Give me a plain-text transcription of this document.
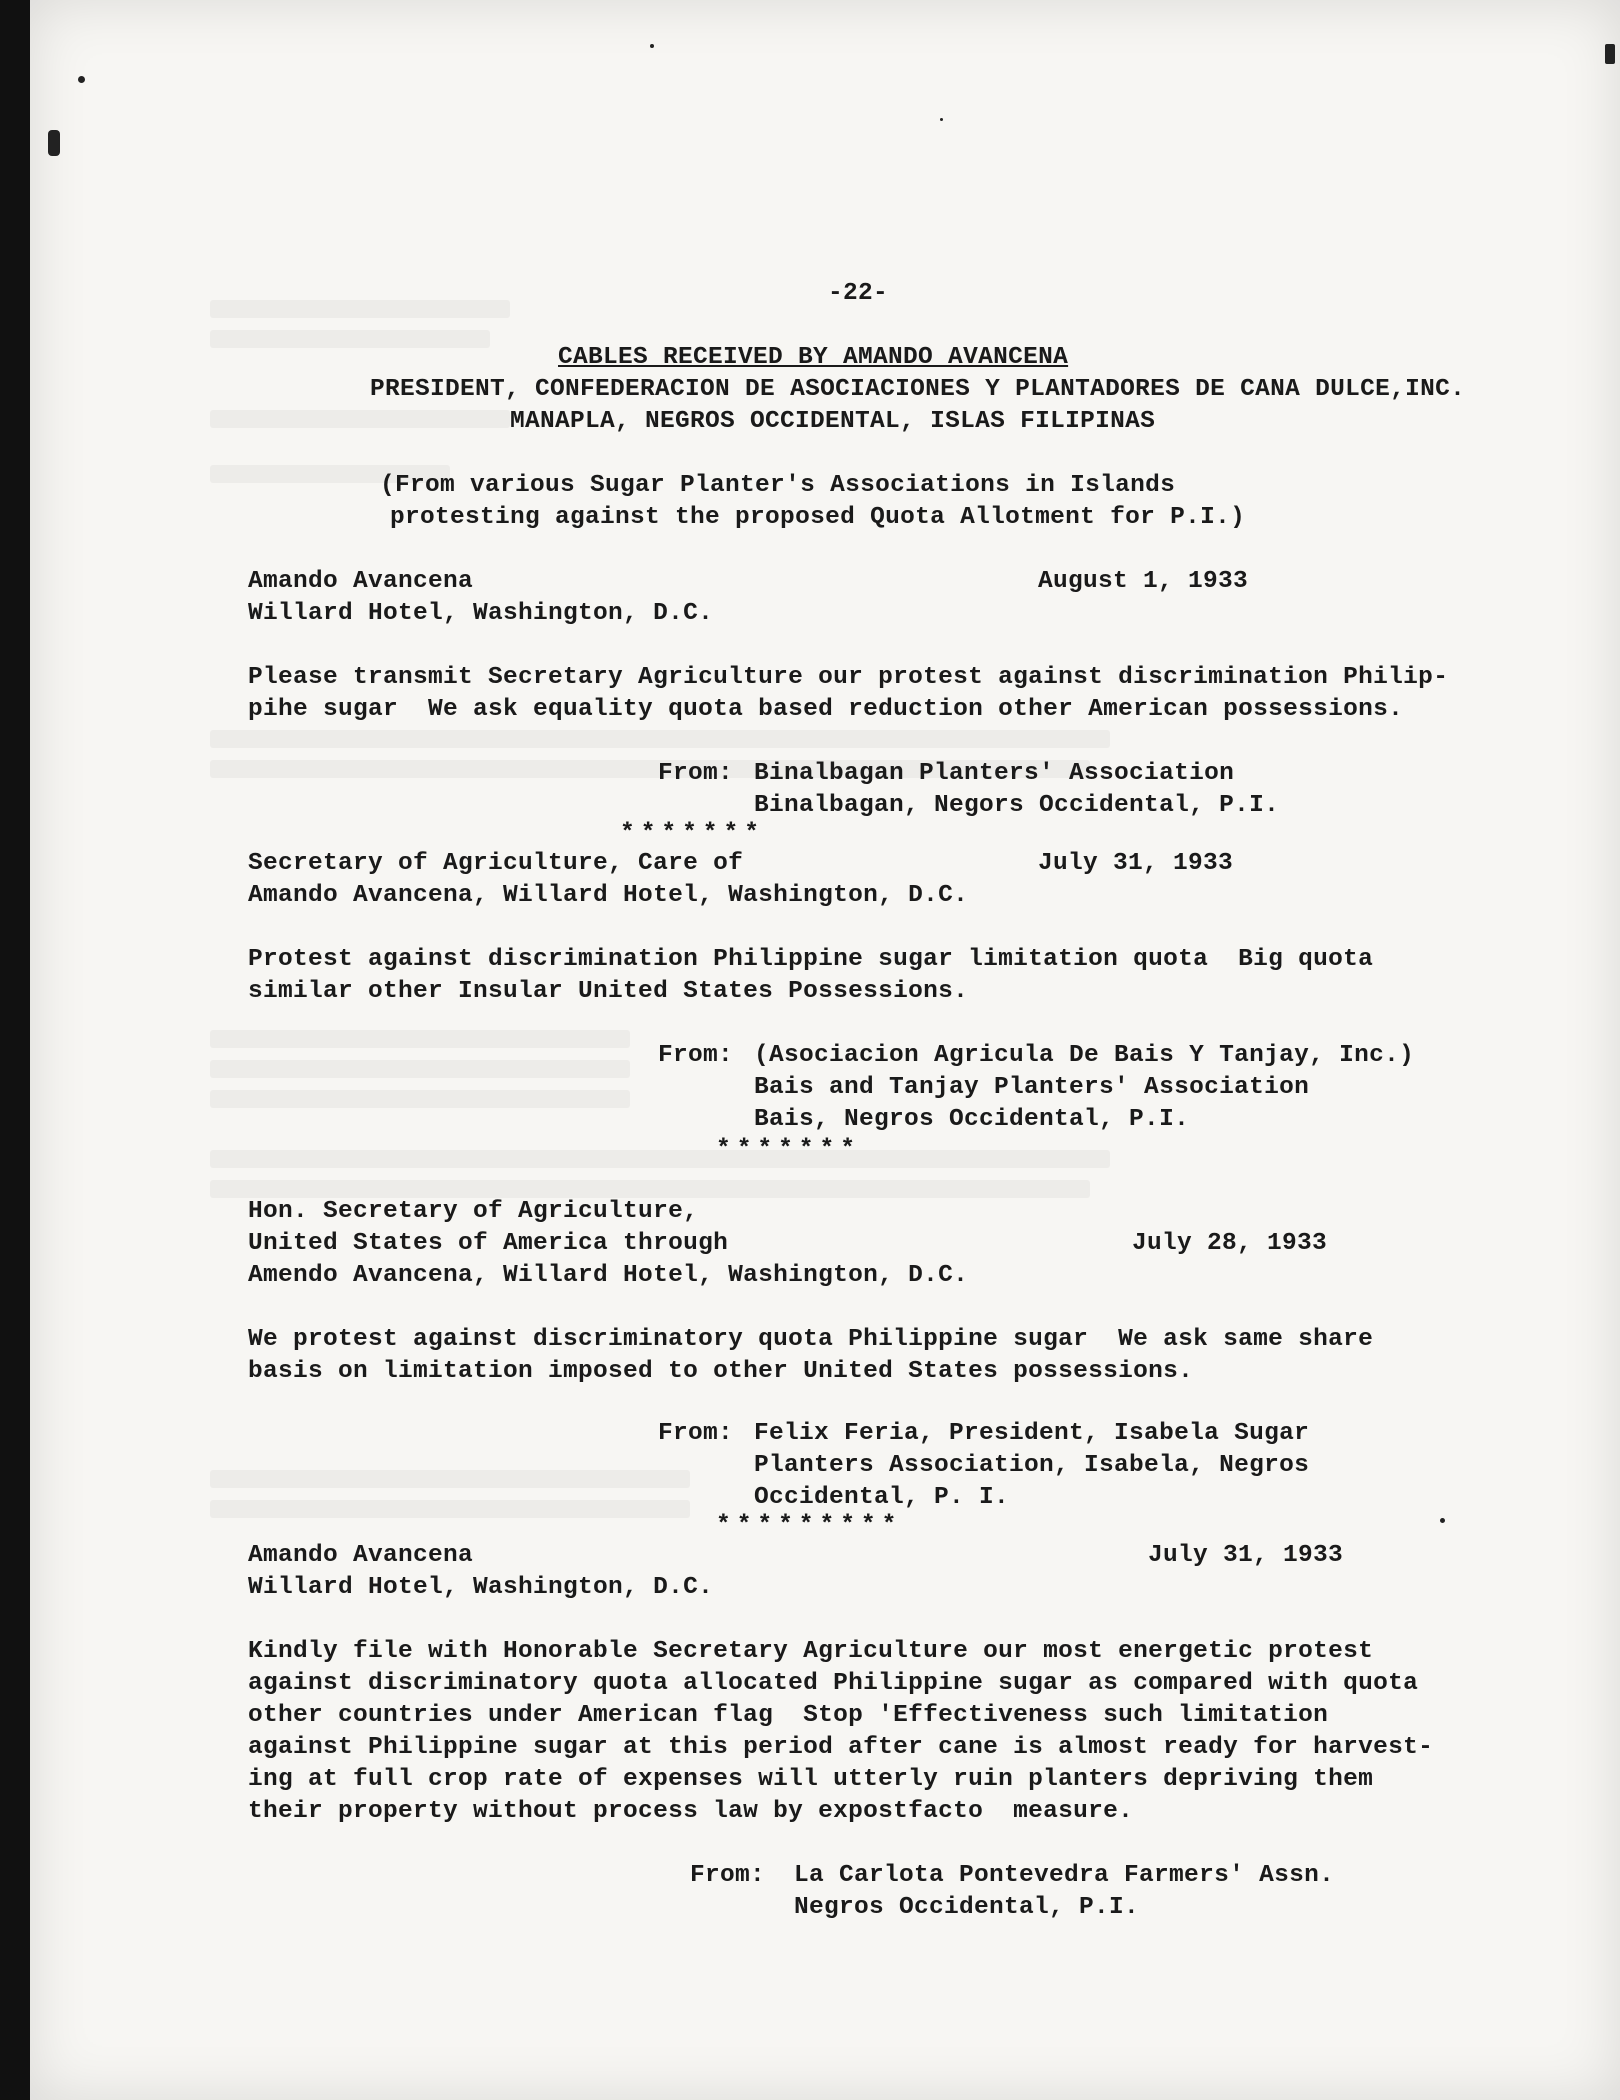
-22-
CABLES RECEIVED BY AMANDO AVANCENA
PRESIDENT, CONFEDERACION DE ASOCIACIONES Y PLANTADORES DE CANA DULCE,INC.
MANAPLA, NEGROS OCCIDENTAL, ISLAS FILIPINAS
(From various Sugar Planter's Associations in Islands
protesting against the proposed Quota Allotment for P.I.)
Amando Avancena	August 1, 1933
Willard Hotel, Washington, D.C.
Please transmit Secretary Agriculture our protest against discrimination Philip-
pihe sugar  We ask equality quota based reduction other American possessions.
From: Binalbagan Planters' Association
Binalbagan, Negors Occidental, P.I.
*******
Secretary of Agriculture, Care of	July 31, 1933
Amando Avancena, Willard Hotel, Washington, D.C.
Protest against discrimination Philippine sugar limitation quota  Big quota
similar other Insular United States Possessions.
From: (Asociacion Agricula De Bais Y Tanjay, Inc.)
Bais and Tanjay Planters' Association
Bais, Negros Occidental, P.I.
*******
Hon. Secretary of Agriculture,
United States of America through	July 28, 1933
Amendo Avancena, Willard Hotel, Washington, D.C.
We protest against discriminatory quota Philippine sugar  We ask same share
basis on limitation imposed to other United States possessions.
From: Felix Feria, President, Isabela Sugar
Planters Association, Isabela, Negros
Occidental, P. I.
*********
Amando Avancena	July 31, 1933
Willard Hotel, Washington, D.C.
Kindly file with Honorable Secretary Agriculture our most energetic protest
against discriminatory quota allocated Philippine sugar as compared with quota
other countries under American flag  Stop 'Effectiveness such limitation
against Philippine sugar at this period after cane is almost ready for harvest-
ing at full crop rate of expenses will utterly ruin planters depriving them
their property without process law by expostfacto  measure.
From: La Carlota Pontevedra Farmers' Assn.
Negros Occidental, P.I.
